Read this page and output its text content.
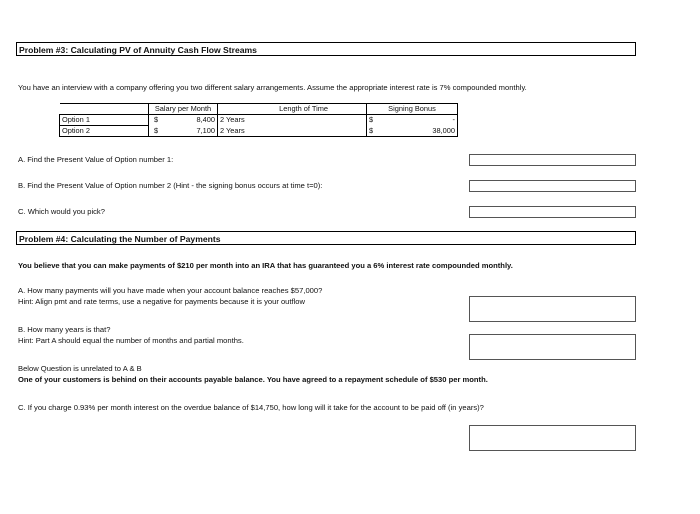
Problem #3: Calculating PV of Annuity Cash Flow Streams
You have an interview with a company offering you two different salary arrangements. Assume the appropriate interest rate is 7% compounded monthly.
	Salary per Month		Length of Time		Signing Bonus	
Option 1	$	8,400	2 Years		$	-
Option 2	$	7,100	2 Years		$	38,000
A. Find the Present Value of Option number 1:
B. Find the Present Value of Option number 2 (Hint - the signing bonus occurs at time t=0):
C. Which would you pick?
Problem #4: Calculating the Number of Payments
You believe that you can make payments of $210 per month into an IRA that has guaranteed you a 6% interest rate compounded monthly.
A. How many payments will you have made when your account balance reaches $57,000?
Hint: Align pmt and rate terms, use a negative for payments because it is your outflow
B. How many years is that?
Hint: Part A should equal the number of months and partial months.
Below Question is unrelated to A & B
One of your customers is behind on their accounts payable balance. You have agreed to a repayment schedule of $530 per month.
C. If you charge 0.93% per month interest on the overdue balance of $14,750, how long will it take for the account to be paid off (in years)?
